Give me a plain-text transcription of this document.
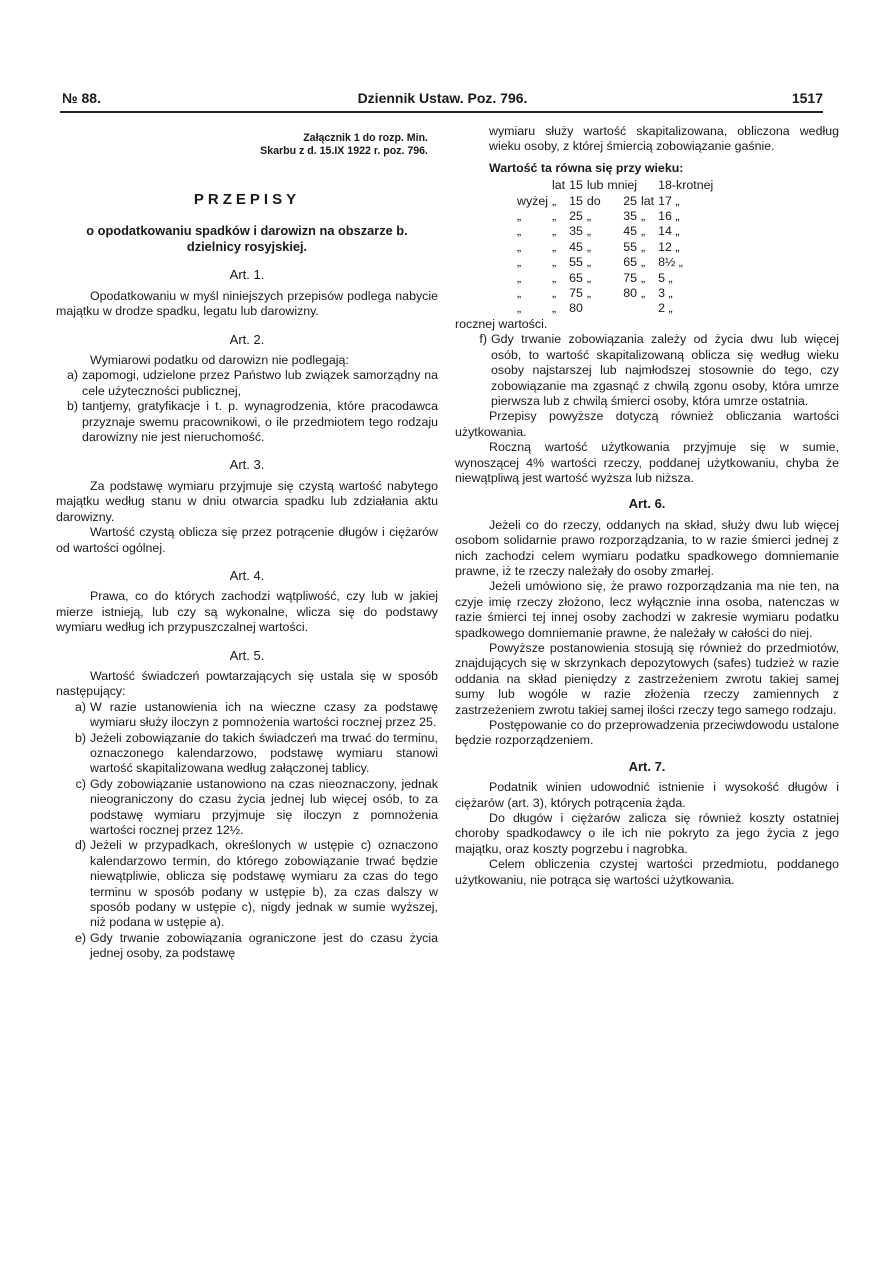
№ 88.	Dziennik Ustaw. Poz. 796.	1517
Załącznik 1 do rozp. Min.
Skarbu z d. 15.IX 1922 r. poz. 796.
PRZEPISY
o opodatkowaniu spadków i darowizn na obszarze b. dzielnicy rosyjskiej.
Art. 1.

Opodatkowaniu w myśl niniejszych przepisów podlega nabycie majątku w drodze spadku, legatu lub darowizny.

Art. 2.

Wymiarowi podatku od darowizn nie podlegają:

a) zapomogi, udzielone przez Państwo lub związek samorządny na cele użyteczności publicznej,
b) tantjemy, gratyfikacje i t. p. wynagrodzenia, które pracodawca przyznaje swemu pracownikowi, o ile przedmiotem tego rodzaju darowizny nie jest nieruchomość.
Art. 3.

Za podstawę wymiaru przyjmuje się czystą wartość nabytego majątku według stanu w dniu otwarcia spadku lub zdziałania aktu darowizny.

Wartość czystą oblicza się przez potrącenie długów i ciężarów od wartości ogólnej.

Art. 4.

Prawa, co do których zachodzi wątpliwość, czy lub w jakiej mierze istnieją, lub czy są wykonalne, wlicza się do podstawy wymiaru według ich przypuszczalnej wartości.

Art. 5.

Wartość świadczeń powtarzających się ustala się w sposób następujący:

a) W razie ustanowienia ich na wieczne czasy za podstawę wymiaru służy iloczyn z pomnożenia wartości rocznej przez 25.
b) Jeżeli zobowiązanie do takich świadczeń ma trwać do terminu, oznaczonego kalendarzowo, podstawę wymiaru stanowi wartość skapitalizowana według załączonej tablicy.
c) Gdy zobowiązanie ustanowiono na czas nieoznaczony, jednak nieograniczony do czasu życia jednej lub więcej osób, to za podstawę wymiaru przyjmuje się iloczyn z pomnożenia wartości rocznej przez 12½.
d) Jeżeli w przypadkach, określonych w ustępie c) oznaczono kalendarzowo termin, do którego zobowiązanie trwać będzie niewątpliwie, oblicza się podstawę wymiaru za czas do tego terminu w sposób podany w ustępie b), za czas dalszy w sposób podany w ustępie c), nigdy jednak w sumie wyższej, niż podana w ustępie a).
e) Gdy trwanie zobowiązania ograniczone jest do czasu życia jednej osoby, za podstawę

wymiaru służy wartość skapitalizowana, obliczona według wieku osoby, z której śmiercią zobowiązanie gaśnie.

Wartość ta równa się przy wieku:

	lat	15	lub	mniej		18-krotnej
wyżej	„	15	do	25	lat	17 „
„	„	25	„	35	„	16 „
„	„	35	„	45	„	14 „
„	„	45	„	55	„	12 „
„	„	55	„	65	„	8½ „
„	„	65	„	75	„	5 „
„	„	75	„	80	„	3 „
„	„	80				2 „

rocznej wartości.

f) Gdy trwanie zobowiązania zależy od życia dwu lub więcej osób, to wartość skapitalizowaną oblicza się według wieku osoby najstarszej lub najmłodszej stosownie do tego, czy zobowiązanie ma zgasnąć z chwilą zgonu osoby, która umrze pierwsza lub z chwilą śmierci osoby, która umrze ostatnia.

Przepisy powyższe dotyczą również obliczania wartości użytkowania.

Roczną wartość użytkowania przyjmuje się w sumie, wynoszącej 4% wartości rzeczy, poddanej użytkowaniu, chyba że niewątpliwą jest wartość wyższa lub niższa.

Art. 6.

Jeżeli co do rzeczy, oddanych na skład, służy dwu lub więcej osobom solidarnie prawo rozporządzania, to w razie śmierci jednej z nich zachodzi celem wymiaru podatku spadkowego domniemanie prawne, iż te rzeczy należały do osoby zmarłej.

Jeżeli umówiono się, że prawo rozporządzania ma nie ten, na czyje imię rzeczy złożono, lecz wyłącznie inna osoba, natenczas w razie śmierci tej innej osoby zachodzi w zakresie wymiaru podatku spadkowego domniemanie prawne, że należały w całości do niej.

Powyższe postanowienia stosują się również do przedmiotów, znajdujących się w skrzynkach depozytowych (safes) tudzież w razie oddania na skład pieniędzy z zastrzeżeniem zwrotu takiej samej sumy lub wogóle w razie złożenia rzeczy zamiennych z zastrzeżeniem zwrotu takiej samej ilości rzeczy tego samego rodzaju.

Postępowanie co do przeprowadzenia przeciwdowodu ustalone będzie rozporządzeniem.

Art. 7.

Podatnik winien udowodnić istnienie i wysokość długów i ciężarów (art. 3), których potrącenia żąda.

Do długów i ciężarów zalicza się również koszty ostatniej choroby spadkodawcy o ile ich nie pokryto za jego życia z jego majątku, oraz koszty pogrzebu i nagrobka.

Celem obliczenia czystej wartości przedmiotu, poddanego użytkowaniu, nie potrąca się wartości użytkowania.
